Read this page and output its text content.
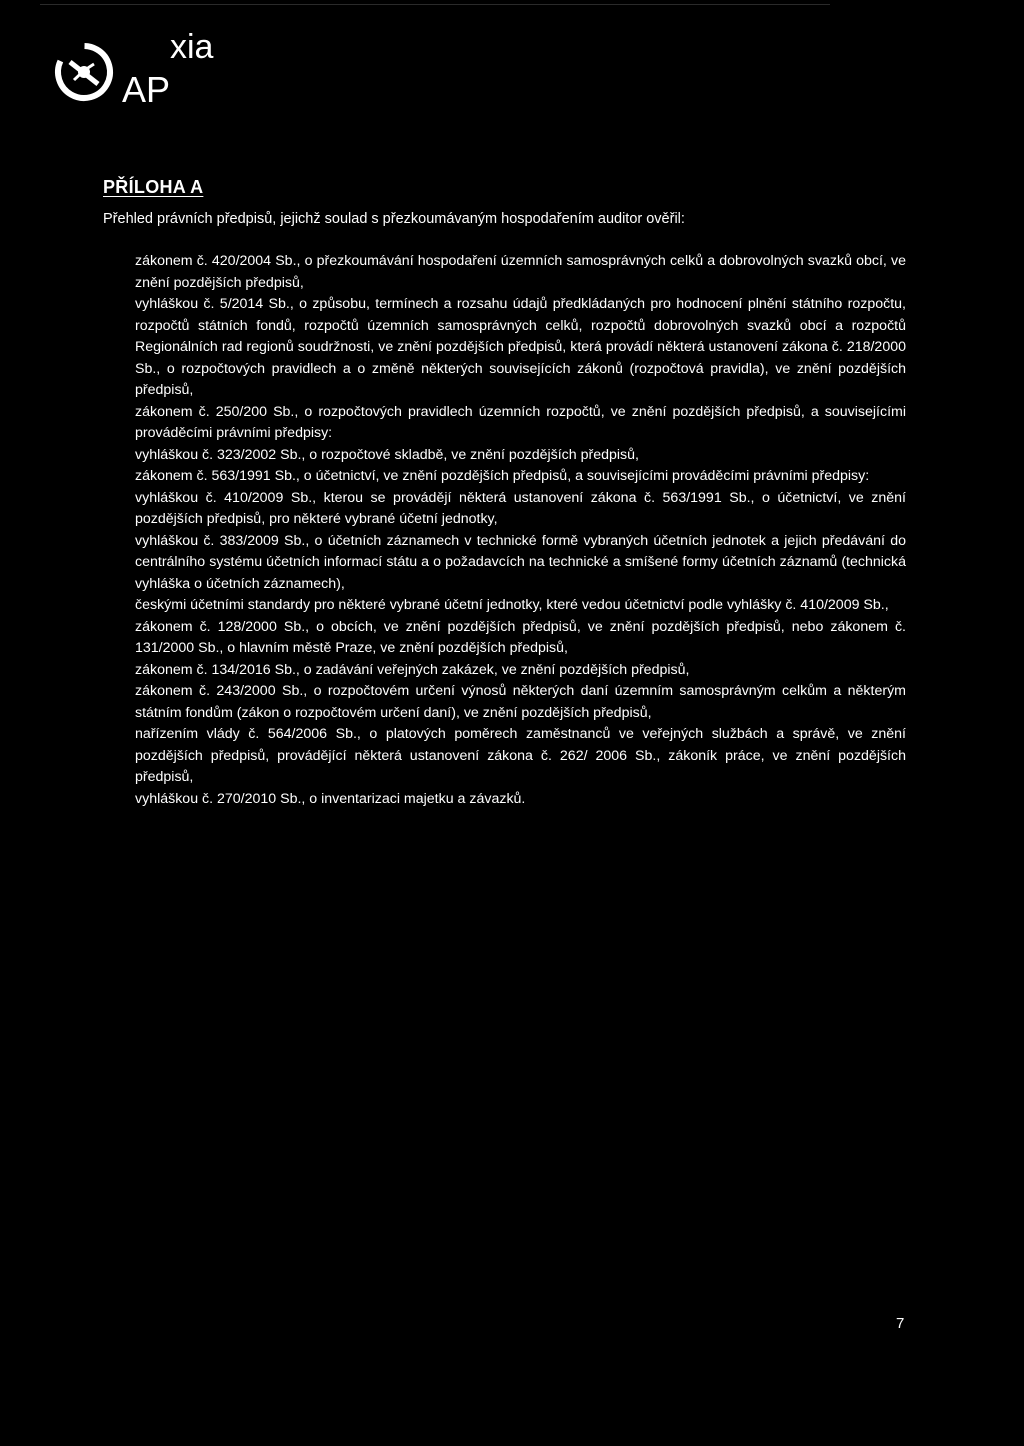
xia
AP
PŘÍLOHA A
Přehled právních předpisů, jejichž soulad s přezkoumávaným hospodařením auditor ověřil:
zákonem č. 420/2004 Sb., o přezkoumávání hospodaření územních samosprávných celků a dobrovolných svazků obcí, ve znění pozdějších předpisů,
vyhláškou č. 5/2014 Sb., o způsobu, termínech a rozsahu údajů předkládaných pro hodnocení plnění státního rozpočtu, rozpočtů státních fondů, rozpočtů územních samosprávných celků, rozpočtů dobrovolných svazků obcí a rozpočtů Regionálních rad regionů soudržnosti, ve znění pozdějších předpisů, která provádí některá ustanovení zákona č. 218/2000 Sb., o rozpočtových pravidlech a o změně některých souvisejících zákonů (rozpočtová pravidla), ve znění pozdějších předpisů,
zákonem č. 250/200 Sb., o rozpočtových pravidlech územních rozpočtů, ve znění pozdějších předpisů, a souvisejícími prováděcími právními předpisy:
vyhláškou č. 323/2002 Sb., o rozpočtové skladbě, ve znění pozdějších předpisů,
zákonem č. 563/1991 Sb., o účetnictví, ve znění pozdějších předpisů, a souvisejícími prováděcími právními předpisy:
vyhláškou č. 410/2009 Sb., kterou se provádějí některá ustanovení zákona č. 563/1991 Sb., o účetnictví, ve znění pozdějších předpisů, pro některé vybrané účetní jednotky,
vyhláškou č. 383/2009 Sb., o účetních záznamech v technické formě vybraných účetních jednotek a jejich předávání do centrálního systému účetních informací státu a o požadavcích na technické a smíšené formy účetních záznamů (technická vyhláška o účetních záznamech),
českými účetními standardy pro některé vybrané účetní jednotky, které vedou účetnictví podle vyhlášky č. 410/2009 Sb.,
zákonem č. 128/2000 Sb., o obcích, ve znění pozdějších předpisů, ve znění pozdějších předpisů, nebo zákonem č. 131/2000 Sb., o hlavním městě Praze, ve znění pozdějších předpisů,
zákonem č. 134/2016 Sb., o zadávání veřejných zakázek, ve znění pozdějších předpisů,
zákonem č. 243/2000 Sb., o rozpočtovém určení výnosů některých daní územním samosprávným celkům a některým státním fondům (zákon o rozpočtovém určení daní), ve znění pozdějších předpisů,
nařízením vlády č. 564/2006 Sb., o platových poměrech zaměstnanců ve veřejných službách a správě, ve znění pozdějších předpisů, provádějící některá ustanovení zákona č. 262/ 2006 Sb., zákoník práce, ve znění pozdějších předpisů,
vyhláškou č. 270/2010 Sb., o inventarizaci majetku a závazků.
7
